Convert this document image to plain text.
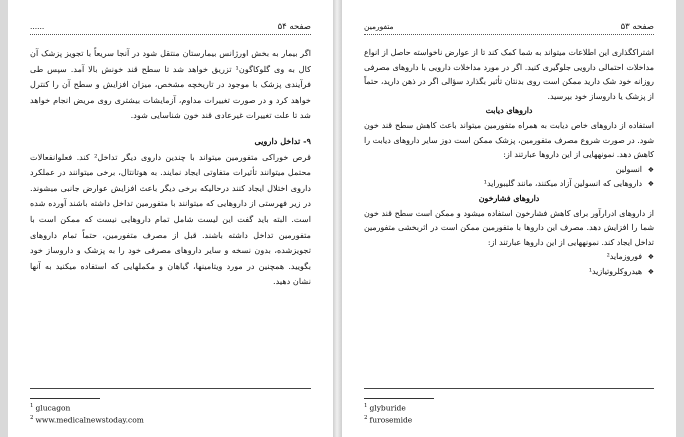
صفحه ۵۴
......

اگر بیمار به بخش اورژانس بیمارستان منتقل شود در آنجا سریعاً با تجویز پزشک آن کال به وی گلوکاگون¹ تزریق خواهد شد تا سطح قند خونش بالا آمد. سپس طی فرآیندی پزشک با موجود در تاریخچه مشخص، میزان افزایش و سطح آن را کنترل خواهد کرد و در صورت تغییرات مداوم، آزمایشات بیشتری روی مریض انجام خواهد شد تا علت تغییرات غیرعادی قند خون شناسایی شود.

۹- تداخل دارویی

قرص خوراکی متفورمین میتواند با چندین داروی دیگر تداخل² کند. فعلوانفعالات محتمل میتوانند تأثیرات متفاوتی ایجاد نمایند. به هوتانتال، برخی میتوانند در عملکرد داروی اختلال ایجاد کنند درحالیکه برخی دیگر باعث افزایش عوارض جانبی میشوند. در زیر فهرستی از داروهایی که میتوانند با متفورمین تداخل داشته باشند آورده شده است. البته باید گفت این لیست شامل تمام داروهایی نیست که ممکن است با متفورمین تداخل داشته باشند. قبل از مصرف متفورمین، حتماً تمام داروهای تجویزشده، بدون نسخه و سایر داروهای مصرفی خود را به پزشک و داروساز خود بگویید. همچنین در مورد ویتامینها، گیاهان و مکملهایی که استفاده میکنید به آنها نشان دهید.

$^1$ glucagon
$^2$ www.medicalnewstoday.com
صفحه ۵۳
متفورمین

اشتراکگذاری این اطلاعات میتواند به شما کمک کند تا از عوارض ناخواسته حاصل از انواع مداخلات احتمالی دارویی جلوگیری کنید. اگر در مورد مداخلات دارویی با داروهای مصرفی روزانه خود شک دارید ممکن است روی بدنتان تأثیر بگذارد سؤالی اگر در ذهن دارید، حتماً از پزشک یا داروساز خود بپرسید.

داروهای دیابت

استفاده از داروهای خاص دیابت به همراه متفورمین میتواند باعث کاهش سطح قند خون شود. در صورت شروع مصرف متفورمین، پزشک ممکن است دوز سایر داروهای دیابت را کاهش دهد. نمونههایی از این داروها عبارتند از:

❖ انسولین
❖ داروهایی که انسولین آزاد میکنند، مانند گلیبوراید¹

داروهای فشارخون

از داروهای ادرارآور برای کاهش فشارخون استفاده میشود و ممکن است سطح قند خون شما را افزایش دهد. مصرف این داروها با متفورمین ممکن است در اثربخشی متفورمین تداخل ایجاد کند. نمونههایی از این داروها عبارتند از:

❖ فوروزماید²
❖ هیدروکلروتیازید¹
$^1$ glyburide
$^2$ furosemide
